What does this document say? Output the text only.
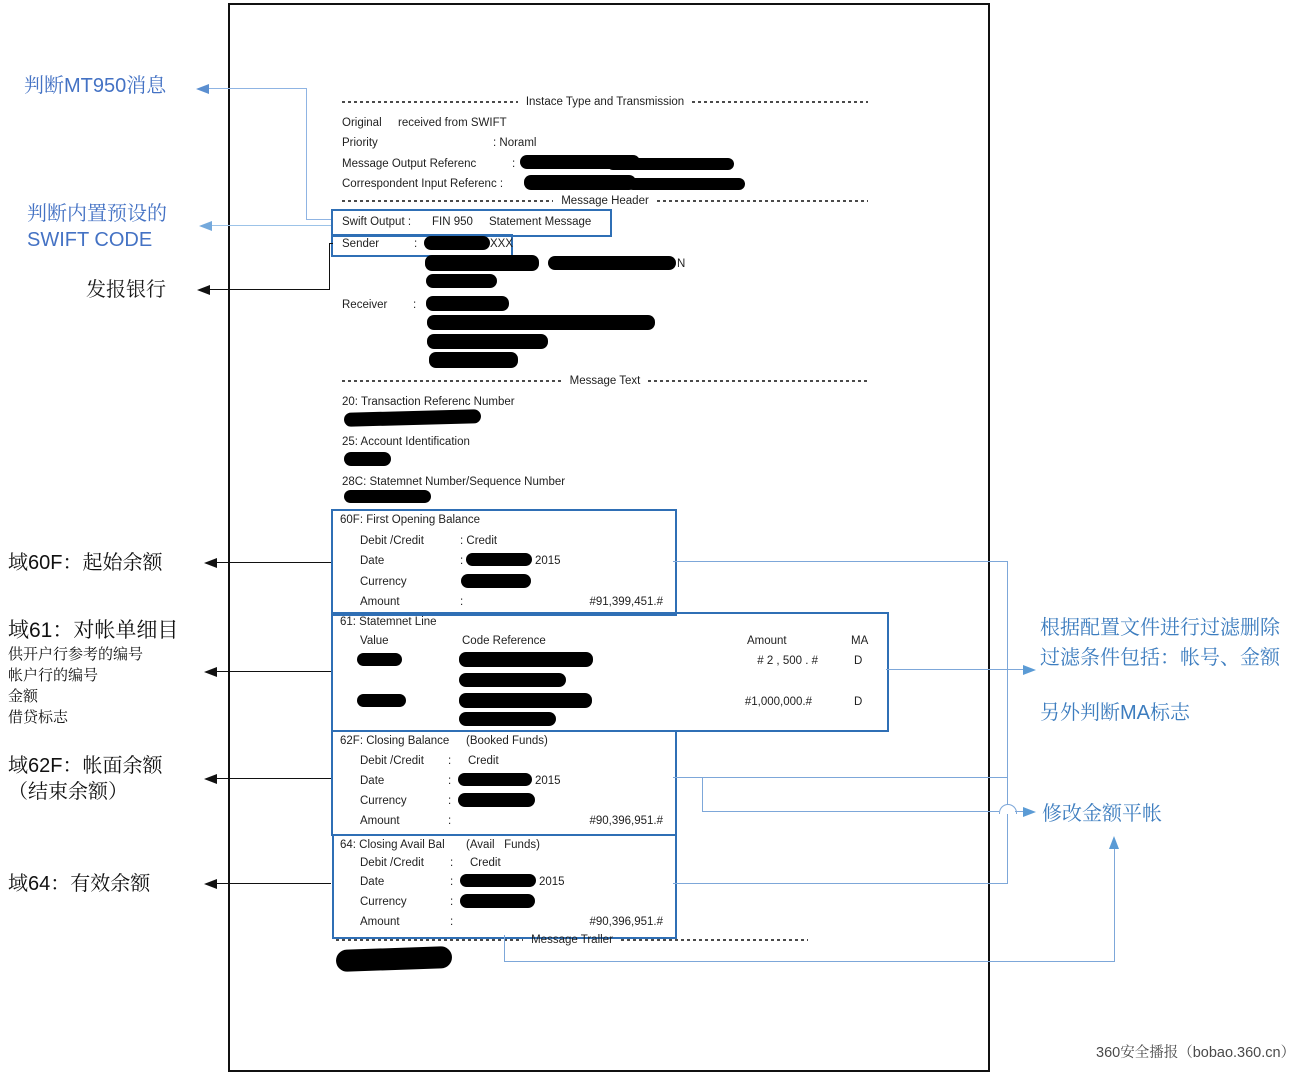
Instace Type and Transmission
Original received from SWIFT
Priority	: Noraml
Message Output Referenc	:
Correspondent Input Referenc :
Message Header
Swift Output : FIN 950 Statement Message
Sender	:	XXX
N
Receiver :
Message Text
20: Transaction Referenc Number
25: Account Identification
28C: Statemnet Number/Sequence Number
60F: First Opening Balance
Debit /Credit	: Credit
Date	:	2015
Currency
Amount	:	#91,399,451.#
61: Statemnet Line
Value	Code Reference	Amount	MA
# 2 , 500 . #	D
#1,000,000.#	D
62F: Closing Balance (Booked Funds)
Debit /Credit : Credit
Date	:	2015
Currency	:
Amount	:	#90,396,951.#
64: Closing Avail Bal (Avail   Funds)
Debit /Credit : Credit
Date	:	2015
Currency	:
Amount	:	#90,396,951.#
Message Traller
判断MT950消息
判断内置预设的
SWIFT CODE
发报银行
域60F：起始余额
域61：对帐单细目
供开户行参考的编号
帐户行的编号
金额
借贷标志
域62F：帐面余额
（结束余额）
域64：有效余额
根据配置文件进行过滤删除
过滤条件包括：帐号、金额
另外判断MA标志
修改金额平帐
360安全播报（bobao.360.cn）
